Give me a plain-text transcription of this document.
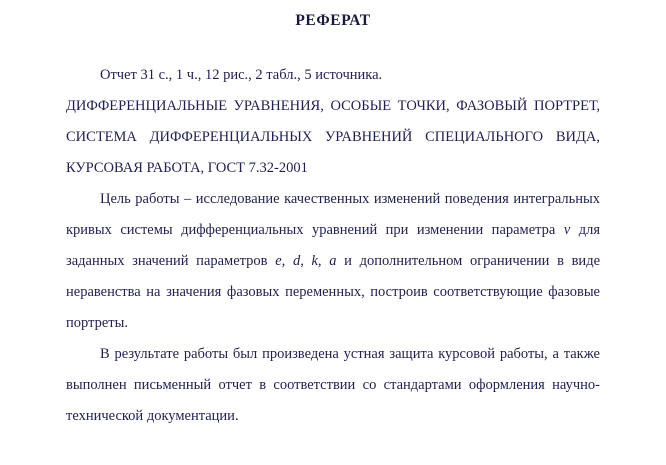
РЕФЕРАТ

Отчет 31 с., 1 ч., 12 рис., 2 табл., 5 источника.

ДИФФЕРЕНЦИАЛЬНЫЕ УРАВНЕНИЯ, ОСОБЫЕ ТОЧКИ, ФАЗОВЫЙ ПОРТРЕТ, СИСТЕМА ДИФФЕРЕНЦИАЛЬНЫХ УРАВНЕНИЙ СПЕЦИАЛЬНОГО ВИДА, КУРСОВАЯ РАБОТА, ГОСТ 7.32-2001

Цель работы – исследование качественных изменений поведения интегральных кривых системы дифференциальных уравнений при изменении параметра ν для заданных значений параметров e, d, k, a и дополнительном ограничении в виде неравенства на значения фазовых переменных, построив соответствующие фазовые портреты.

В результате работы был произведена устная защита курсовой работы, а также выполнен письменный отчет в соответствии со стандартами оформления научно-технической документации.
